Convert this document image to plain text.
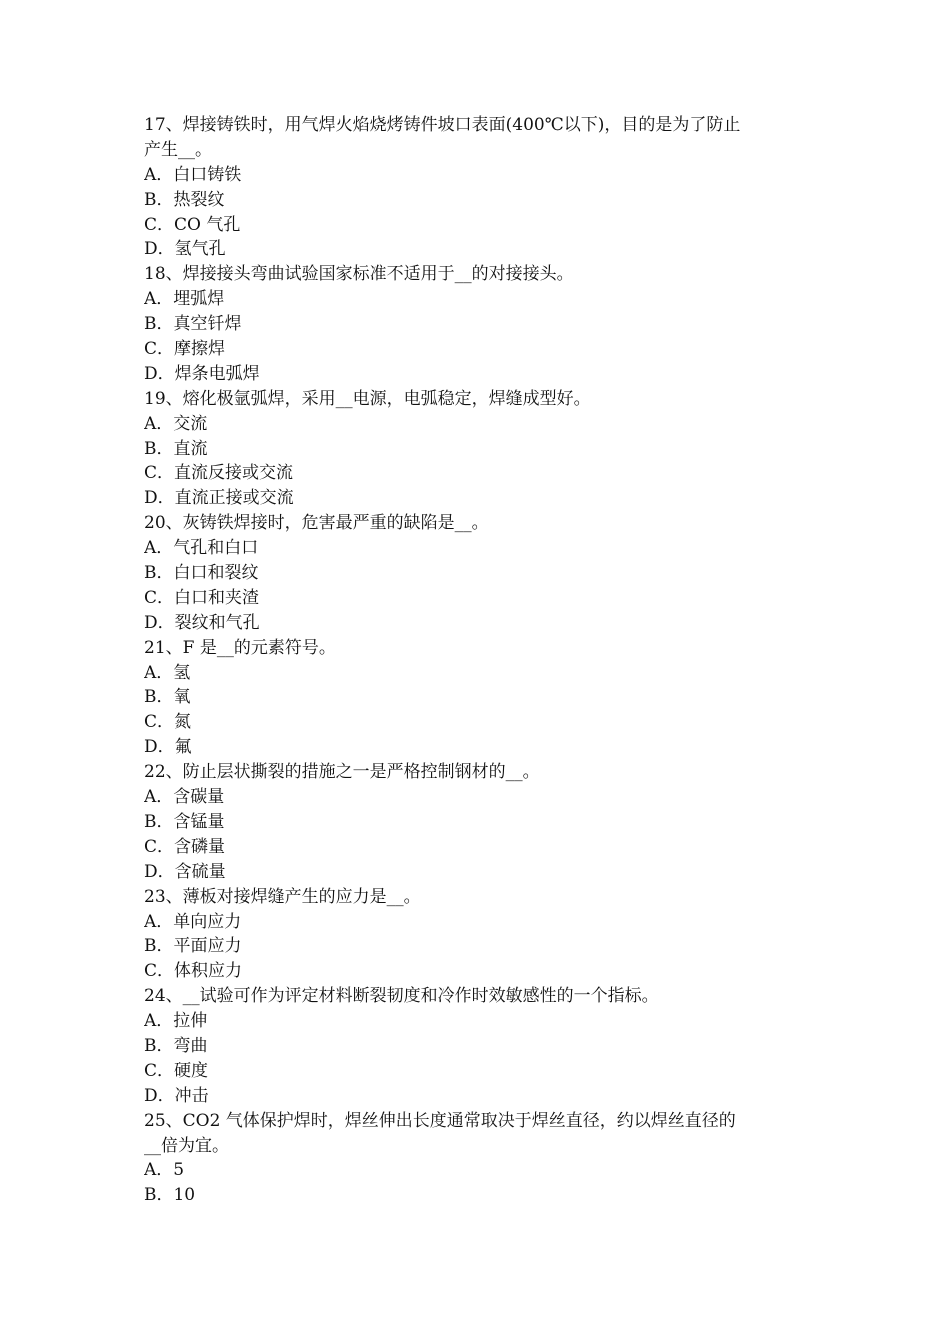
17、焊接铸铁时，用气焊火焰烧烤铸件坡口表面(400℃以下)，目的是为了防止
产生__。
A．白口铸铁
B．热裂纹
C．CO 气孔
D．氢气孔
18、焊接接头弯曲试验国家标准不适用于__的对接接头。
A．埋弧焊
B．真空钎焊
C．摩擦焊
D．焊条电弧焊
19、熔化极氩弧焊，采用__电源，电弧稳定，焊缝成型好。
A．交流
B．直流
C．直流反接或交流
D．直流正接或交流
20、灰铸铁焊接时，危害最严重的缺陷是__。
A．气孔和白口
B．白口和裂纹
C．白口和夹渣
D．裂纹和气孔
21、F 是__的元素符号。
A．氢
B．氧
C．氮
D．氟
22、防止层状撕裂的措施之一是严格控制钢材的__。
A．含碳量
B．含锰量
C．含磷量
D．含硫量
23、薄板对接焊缝产生的应力是__。
A．单向应力
B．平面应力
C．体积应力
24、__试验可作为评定材料断裂韧度和冷作时效敏感性的一个指标。
A．拉伸
B．弯曲
C．硬度
D．冲击
25、CO2 气体保护焊时，焊丝伸出长度通常取决于焊丝直径，约以焊丝直径的
__倍为宜。
A．5
B．10
